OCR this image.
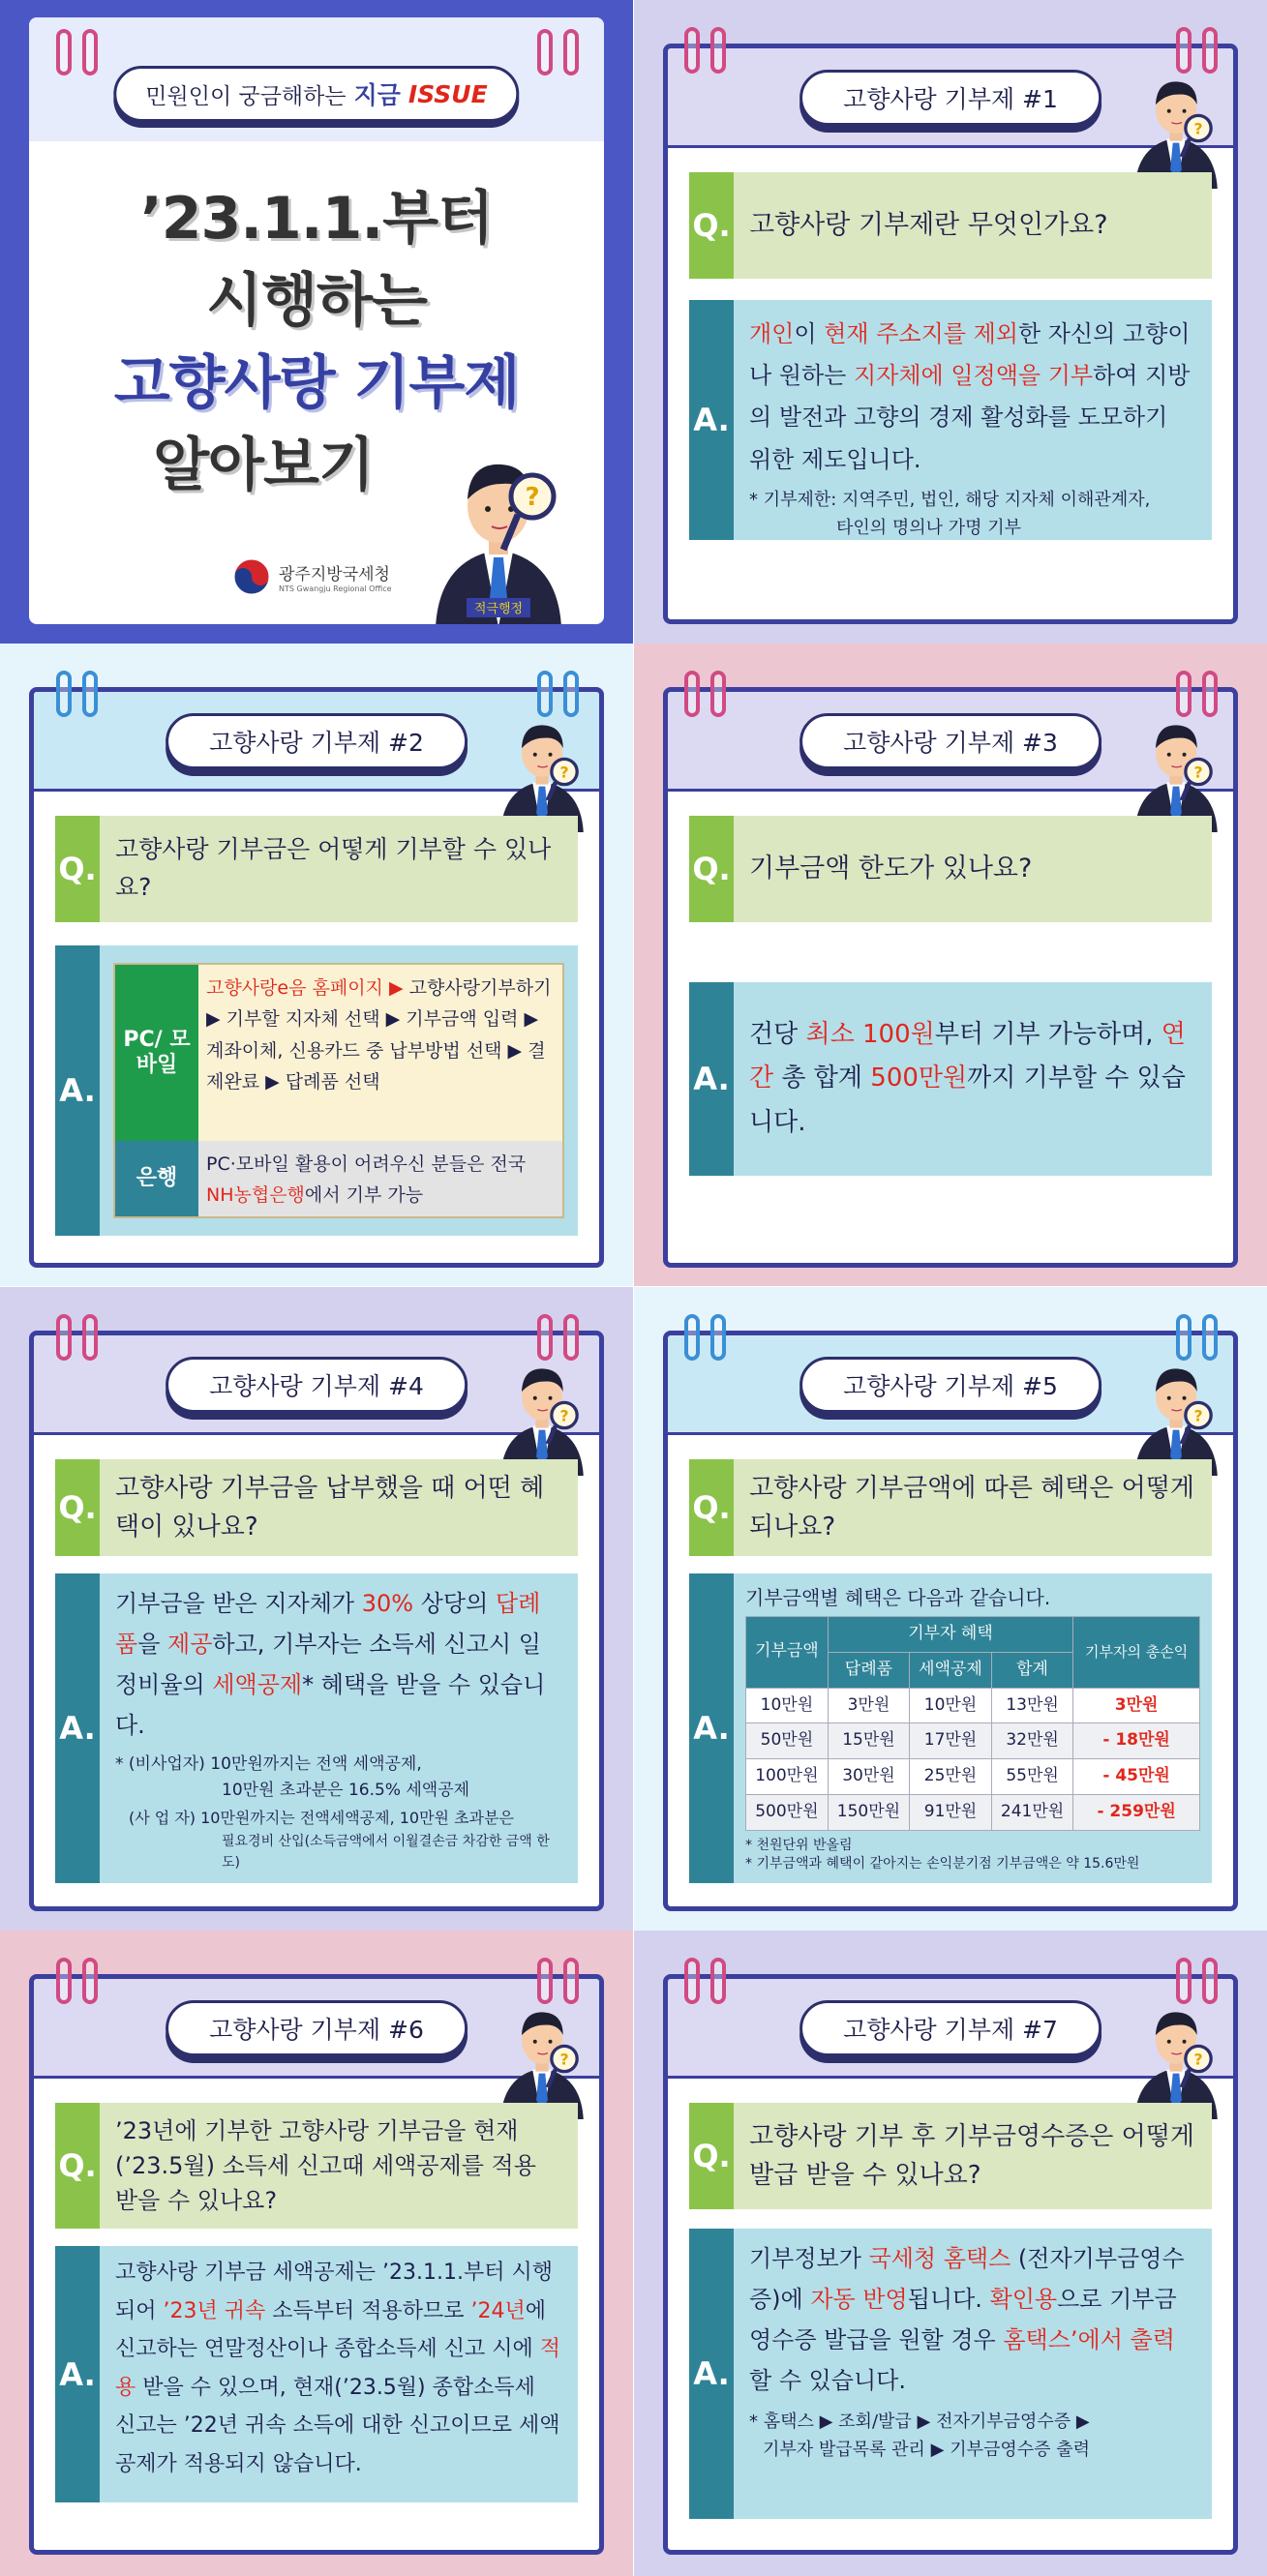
민원인이 궁금해하는 지금 ISSUE
’23.1.1.부터
시행하는
고향사랑 기부제
알아보기
광주지방국세청
NTS Gwangju Regional Office
?
적극행정
고향사랑 기부제 #1
Q. 고향사랑 기부제란 무엇인가요?
A.
개인이 현재 주소지를 제외한 자신의 고향이나 원하는 지자체에 일정액을 기부하여 지방의 발전과 고향의 경제 활성화를 도모하기 위한 제도입니다.
* 기부제한: 지역주민, 법인, 해당 지자체 이해관계자,
타인의 명의나 가명 기부
고향사랑 기부제 #2
Q.
고향사랑 기부금은 어떻게 기부할 수 있나요?
A.
PC/ 모바일
고향사랑e음 홈페이지 ▶ 고향사랑기부하기 ▶ 기부할 지자체 선택 ▶ 기부금액 입력 ▶ 계좌이체, 신용카드 중 납부방법 선택 ▶ 결제완료 ▶ 답례품 선택
은행
PC·모바일 활용이 어려우신 분들은 전국 NH농협은행에서 기부 가능
고향사랑 기부제 #3
Q. 기부금액 한도가 있나요?
A.
건당 최소 100원부터 기부 가능하며, 연간 총 합계 500만원까지 기부할 수 있습니다.
고향사랑 기부제 #4
Q.
고향사랑 기부금을 납부했을 때 어떤 혜택이 있나요?
A.
기부금을 받은 지자체가 30% 상당의 답례품을 제공하고, 기부자는 소득세 신고시 일정비율의 세액공제* 혜택을 받을 수 있습니다.
* (비사업자) 10만원까지는 전액 세액공제,
10만원 초과분은 16.5% 세액공제
(사 업 자) 10만원까지는 전액세액공제, 10만원 초과분은
필요경비 산입(소득금액에서 이월결손금 차감한 금액 한도)
고향사랑 기부제 #5
Q.
고향사랑 기부금액에 따른 혜택은 어떻게 되나요?
A.
기부금액별 혜택은 다음과 같습니다.
기부금액	기부자 혜택			기부자의 총손익
	답례품	세액공제	합계	
10만원	3만원	10만원	13만원	3만원
50만원	15만원	17만원	32만원	- 18만원
100만원	30만원	25만원	55만원	- 45만원
500만원	150만원	91만원	241만원	- 259만원
* 천원단위 반올림
* 기부금액과 혜택이 같아지는 손익분기점 기부금액은 약 15.6만원
고향사랑 기부제 #6
Q.
’23년에 기부한 고향사랑 기부금을 현재(’23.5월) 소득세 신고때 세액공제를 적용 받을 수 있나요?
A.
고향사랑 기부금 세액공제는 ’23.1.1.부터 시행되어 ’23년 귀속 소득부터 적용하므로 ’24년에 신고하는 연말정산이나 종합소득세 신고 시에 적용 받을 수 있으며, 현재(’23.5월) 종합소득세 신고는 ’22년 귀속 소득에 대한 신고이므로 세액공제가 적용되지 않습니다.
고향사랑 기부제 #7
Q.
고향사랑 기부 후 기부금영수증은 어떻게 발급 받을 수 있나요?
A.
기부정보가 국세청 홈택스 (전자기부금영수증)에 자동 반영됩니다. 확인용으로 기부금영수증 발급을 원할 경우 홈택스’에서 출력할 수 있습니다.
* 홈택스 ▶ 조회/발급 ▶ 전자기부금영수증 ▶
기부자 발급목록 관리 ▶ 기부금영수증 출력
